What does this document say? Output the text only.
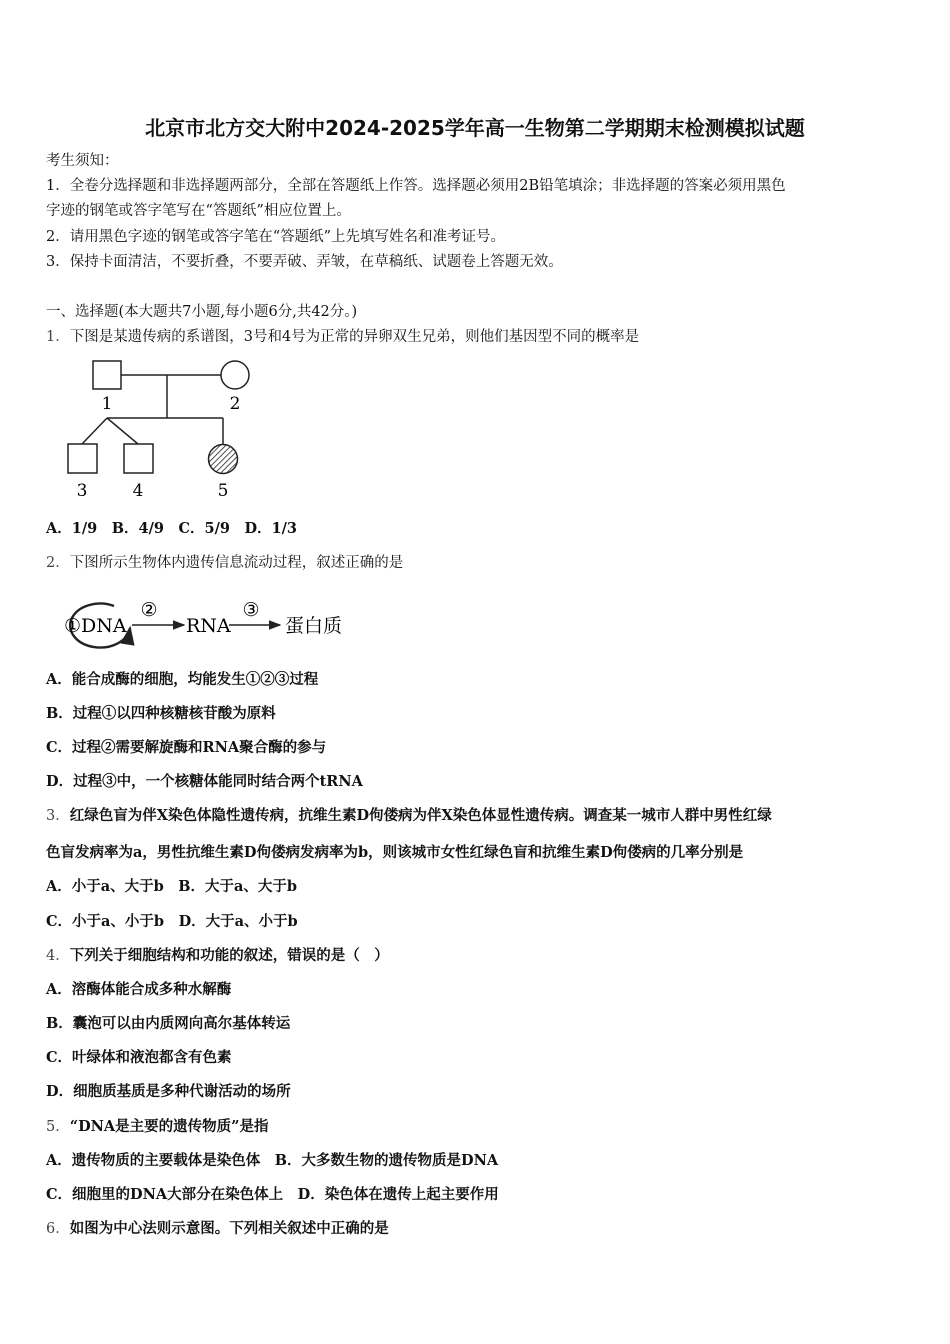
北京市北方交大附中2024-2025学年高一生物第二学期期末检测模拟试题
考生须知：
1．全卷分选择题和非选择题两部分，全部在答题纸上作答。选择题必须用2B铅笔填涂；非选择题的答案必须用黑色
字迹的钢笔或答字笔写在“答题纸”相应位置上。
2．请用黑色字迹的钢笔或答字笔在“答题纸”上先填写姓名和准考证号。
3．保持卡面清洁，不要折叠，不要弄破、弄皱，在草稿纸、试题卷上答题无效。
一、选择题(本大题共7小题,每小题6分,共42分。)
1．下图是某遗传病的系谱图，3号和4号为正常的异卵双生兄弟，则他们基因型不同的概率是
1	2
3	4	5
A．1/9　B．4/9　C．5/9　D．1/3
2．下图所示生物体内遗传信息流动过程，叙述正确的是
①DNA
②
RNA
③
蛋白质
A．能合成酶的细胞，均能发生①②③过程
B．过程①以四种核糖核苷酸为原料
C．过程②需要解旋酶和RNA聚合酶的参与
D．过程③中，一个核糖体能同时结合两个tRNA
3．红绿色盲为伴X染色体隐性遗传病，抗维生素D佝偻病为伴X染色体显性遗传病。调查某一城市人群中男性红绿
色盲发病率为a，男性抗维生素D佝偻病发病率为b，则该城市女性红绿色盲和抗维生素D佝偻病的几率分别是
A．小于a、大于b　B．大于a、大于b
C．小于a、小于b　D．大于a、小于b
4．下列关于细胞结构和功能的叙述，错误的是（　）
A．溶酶体能合成多种水解酶
B．囊泡可以由内质网向高尔基体转运
C．叶绿体和液泡都含有色素
D．细胞质基质是多种代谢活动的场所
5．“DNA是主要的遗传物质”是指
A．遗传物质的主要载体是染色体　B．大多数生物的遗传物质是DNA
C．细胞里的DNA大部分在染色体上　D．染色体在遗传上起主要作用
6．如图为中心法则示意图。下列相关叙述中正确的是
